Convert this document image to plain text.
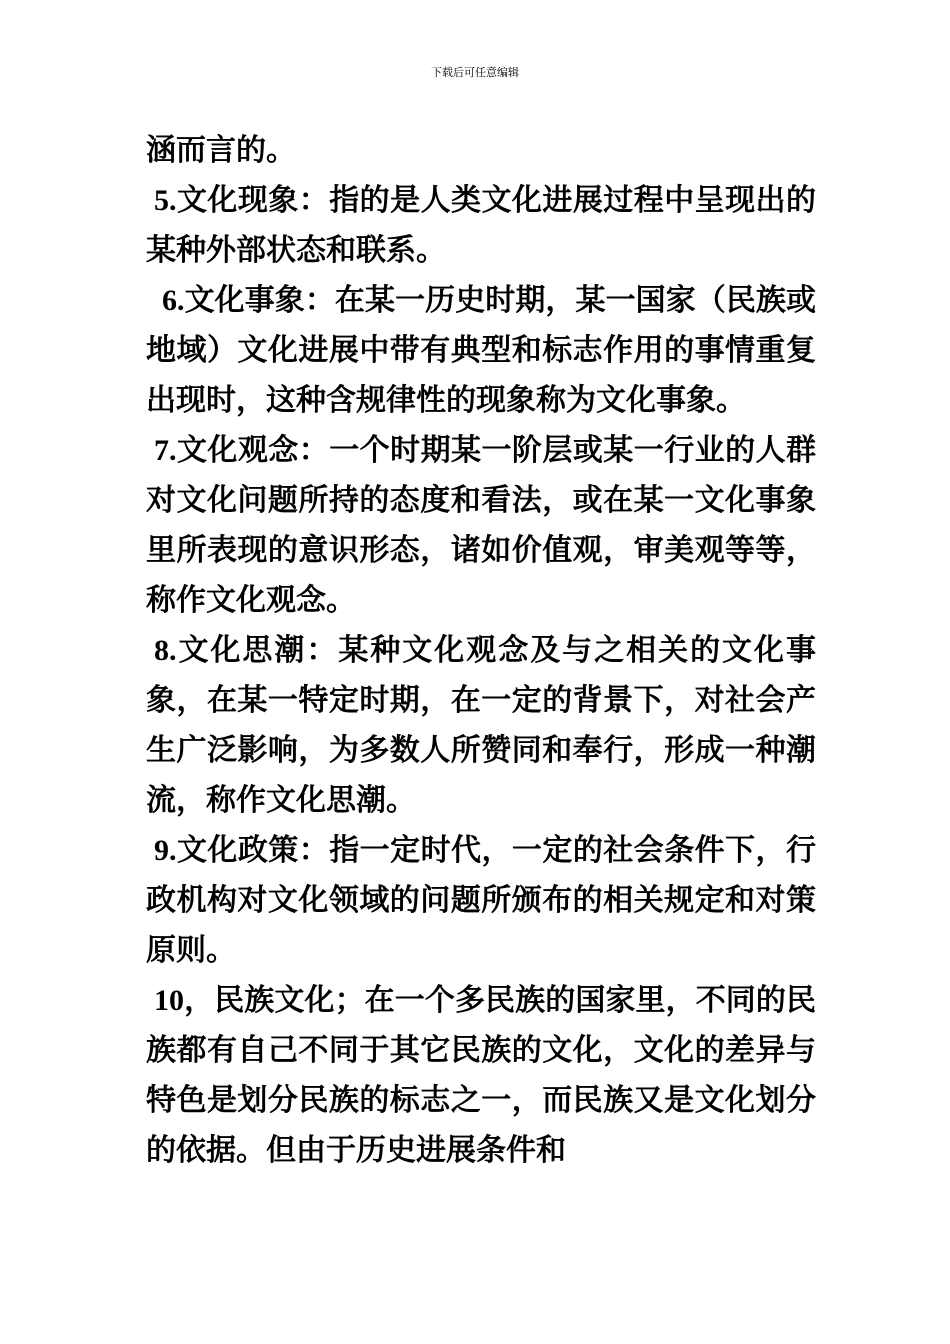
下载后可任意编辑

涵而言的。

5.文化现象：指的是人类文化进展过程中呈现出的某种外部状态和联系。

6.文化事象：在某一历史时期，某一国家（民族或地域）文化进展中带有典型和标志作用的事情重复出现时，这种含规律性的现象称为文化事象。

7.文化观念：一个时期某一阶层或某一行业的人群对文化问题所持的态度和看法，或在某一文化事象里所表现的意识形态，诸如价值观，审美观等等，称作文化观念。

8.文化思潮：某种文化观念及与之相关的文化事象，在某一特定时期，在一定的背景下，对社会产生广泛影响，为多数人所赞同和奉行，形成一种潮流，称作文化思潮。

9.文化政策：指一定时代，一定的社会条件下，行政机构对文化领域的问题所颁布的相关规定和对策原则。

10，民族文化；在一个多民族的国家里，不同的民族都有自己不同于其它民族的文化，文化的差异与特色是划分民族的标志之一，而民族又是文化划分的依据。但由于历史进展条件和
